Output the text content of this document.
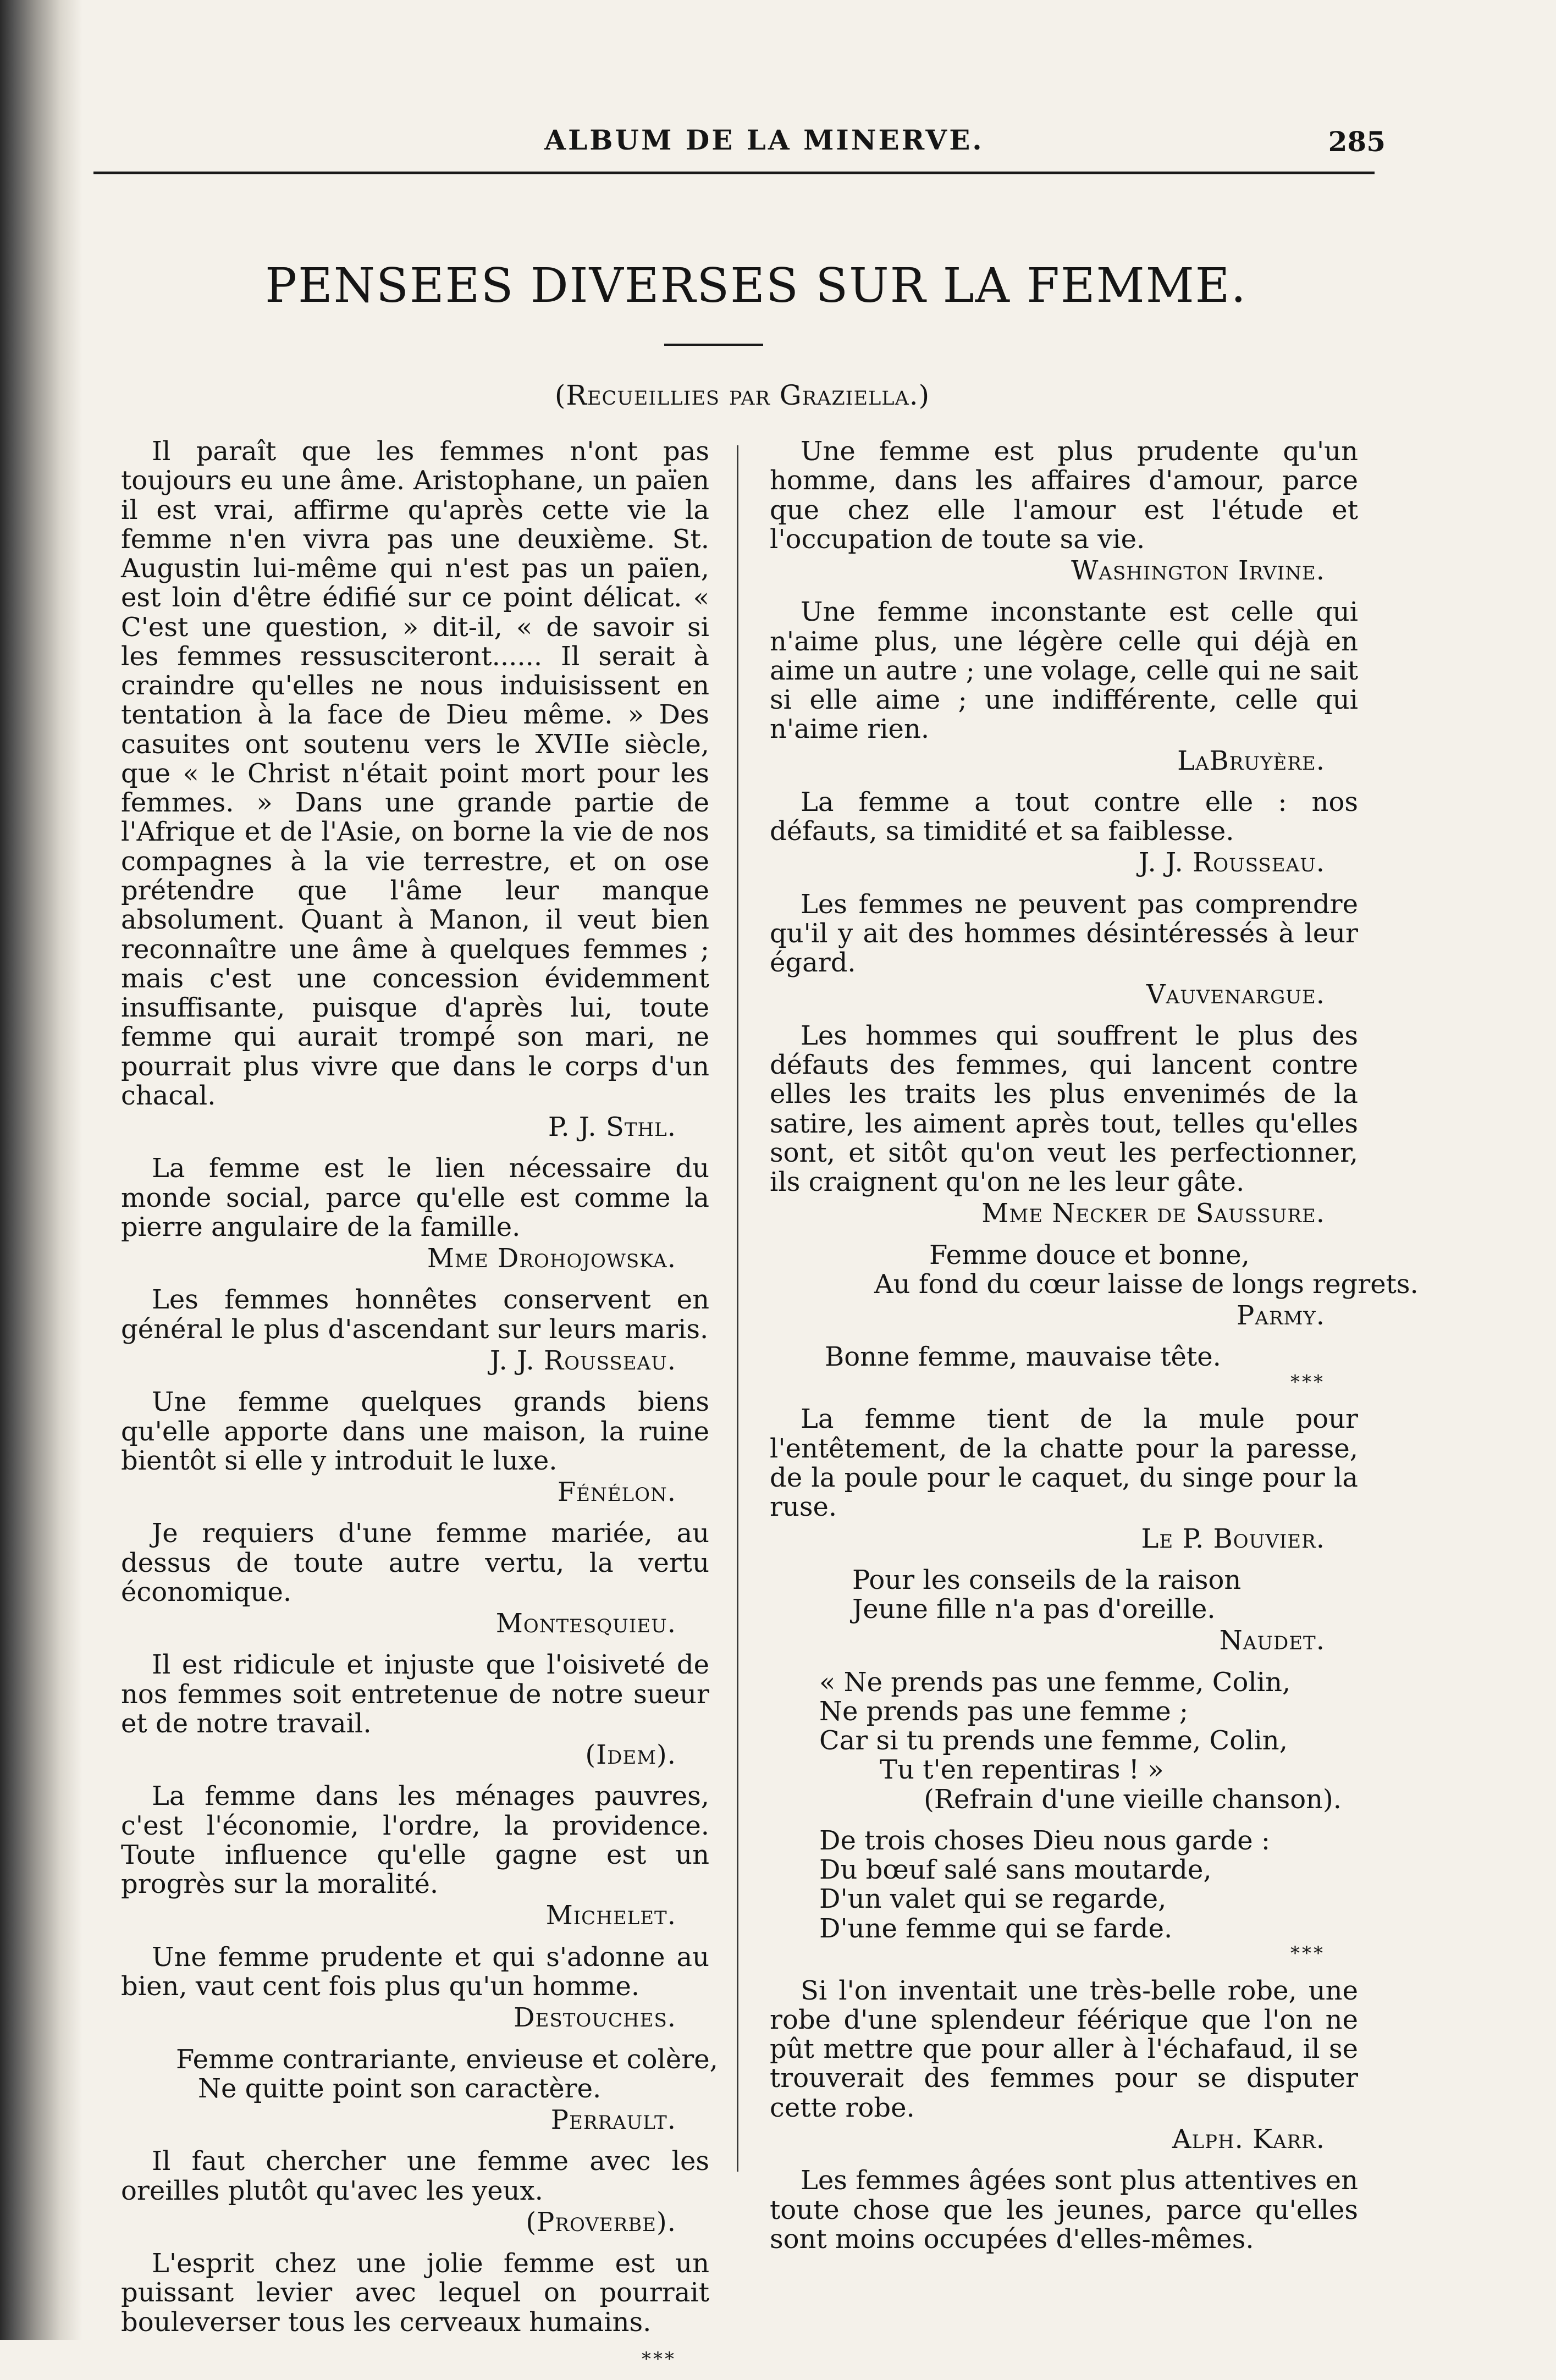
ALBUM DE LA MINERVE.	285
PENSEES DIVERSES SUR LA FEMME.
(Recueillies par Graziella.)

Il paraît que les femmes n'ont pas toujours eu une âme. Aristophane, un païen il est vrai, affirme qu'après cette vie la femme n'en vivra pas une deuxième. St. Augustin lui-même qui n'est pas un païen, est loin d'être édifié sur ce point délicat. « C'est une question, » dit-il, « de savoir si les femmes ressusciteront...... Il serait à craindre qu'elles ne nous induisissent en tentation à la face de Dieu même. » Des casuites ont soutenu vers le XVIIe siècle, que « le Christ n'était point mort pour les femmes. » Dans une grande partie de l'Afrique et de l'Asie, on borne la vie de nos compagnes à la vie terrestre, et on ose prétendre que l'âme leur manque absolument. Quant à Manon, il veut bien reconnaître une âme à quelques femmes ; mais c'est une concession évidemment insuffisante, puisque d'après lui, toute femme qui aurait trompé son mari, ne pourrait plus vivre que dans le corps d'un chacal.

P. J. Sthl.

La femme est le lien nécessaire du monde social, parce qu'elle est comme la pierre angulaire de la famille.

Mme Drohojowska.

Les femmes honnêtes conservent en général le plus d'ascendant sur leurs maris.

J. J. Rousseau.

Une femme quelques grands biens qu'elle apporte dans une maison, la ruine bientôt si elle y introduit le luxe.

Fénélon.

Je requiers d'une femme mariée, au dessus de toute autre vertu, la vertu économique.

Montesquieu.

Il est ridicule et injuste que l'oisiveté de nos femmes soit entretenue de notre sueur et de notre travail.

(Idem).

La femme dans les ménages pauvres, c'est l'économie, l'ordre, la providence. Toute influence qu'elle gagne est un progrès sur la moralité.

Michelet.

Une femme prudente et qui s'adonne au bien, vaut cent fois plus qu'un homme.

Destouches.
Femme contrariante, envieuse et colère,
Ne quitte point son caractère.
Perrault.

Il faut chercher une femme avec les oreilles plutôt qu'avec les yeux.

(Proverbe).

L'esprit chez une jolie femme est un puissant levier avec lequel on pourrait bouleverser tous les cerveaux humains.

***

Une femme est plus prudente qu'un homme, dans les affaires d'amour, parce que chez elle l'amour est l'étude et l'occupation de toute sa vie.

Washington Irvine.

Une femme inconstante est celle qui n'aime plus, une légère celle qui déjà en aime un autre ; une volage, celle qui ne sait si elle aime ; une indifférente, celle qui n'aime rien.

LaBruyère.

La femme a tout contre elle : nos défauts, sa timidité et sa faiblesse.

J. J. Rousseau.

Les femmes ne peuvent pas comprendre qu'il y ait des hommes désintéressés à leur égard.

Vauvenargue.

Les hommes qui souffrent le plus des défauts des femmes, qui lancent contre elles les traits les plus envenimés de la satire, les aiment après tout, telles qu'elles sont, et sitôt qu'on veut les perfectionner, ils craignent qu'on ne les leur gâte.

Mme Necker de Saussure.
Femme douce et bonne,
Au fond du cœur laisse de longs regrets.
Parmy.
Bonne femme, mauvaise tête.
***

La femme tient de la mule pour l'entêtement, de la chatte pour la paresse, de la poule pour le caquet, du singe pour la ruse.

Le P. Bouvier.
Pour les conseils de la raison
Jeune fille n'a pas d'oreille.
Naudet.
« Ne prends pas une femme, Colin,
Ne prends pas une femme ;
Car si tu prends une femme, Colin,
Tu t'en repentiras ! »
(Refrain d'une vieille chanson).
De trois choses Dieu nous garde :
Du bœuf salé sans moutarde,
D'un valet qui se regarde,
D'une femme qui se farde.
***

Si l'on inventait une très-belle robe, une robe d'une splendeur féérique que l'on ne pût mettre que pour aller à l'échafaud, il se trouverait des femmes pour se disputer cette robe.

Alph. Karr.

Les femmes âgées sont plus attentives en toute chose que les jeunes, parce qu'elles sont moins occupées d'elles-mêmes.
